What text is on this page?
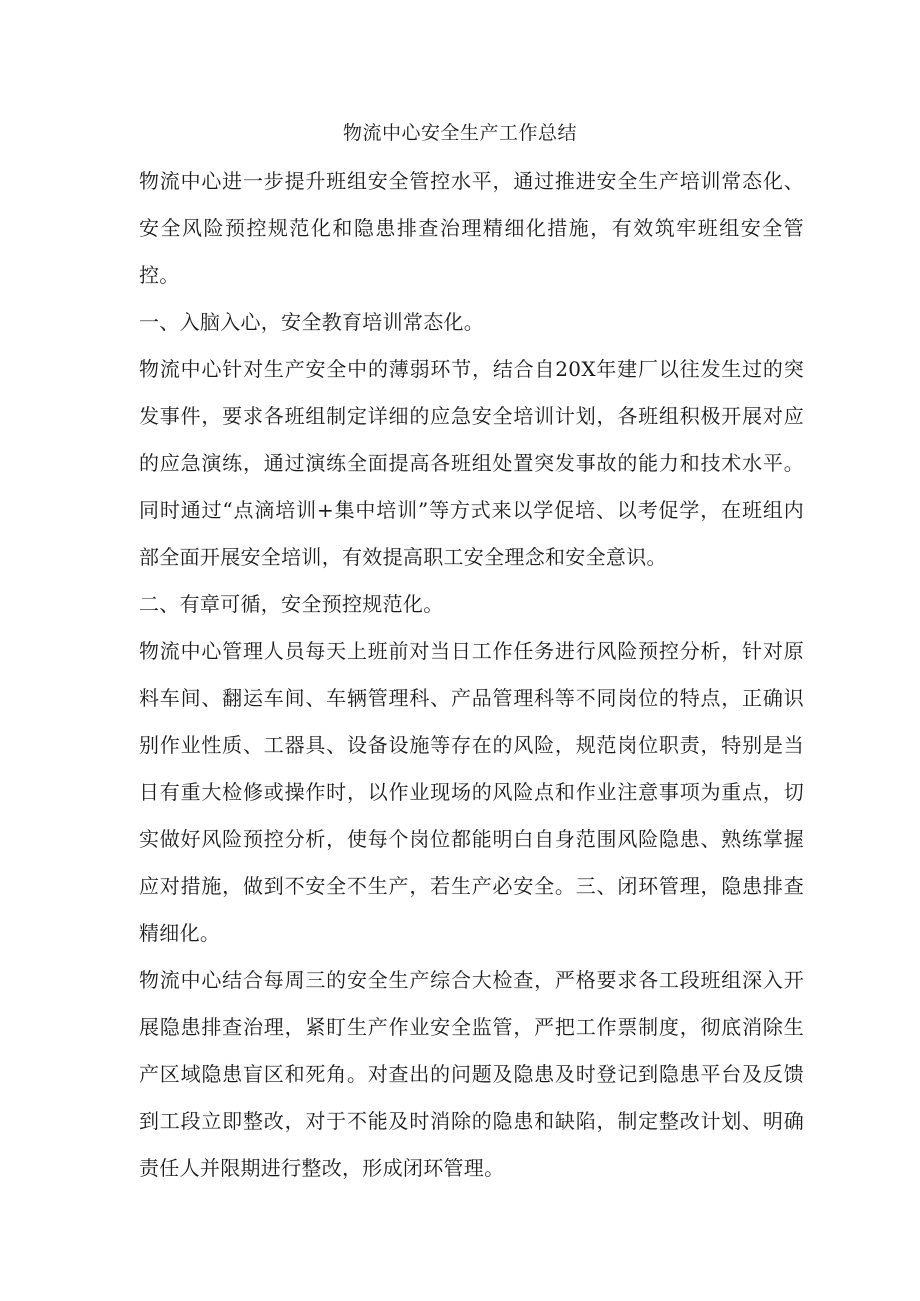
物流中心安全生产工作总结

物流中心进一步提升班组安全管控水平，通过推进安全生产培训常态化、安全风险预控规范化和隐患排查治理精细化措施，有效筑牢班组安全管控。

一、入脑入心，安全教育培训常态化。

物流中心针对生产安全中的薄弱环节，结合自20X年建厂以往发生过的突发事件，要求各班组制定详细的应急安全培训计划，各班组积极开展对应的应急演练，通过演练全面提高各班组处置突发事故的能力和技术水平。同时通过“点滴培训+集中培训”等方式来以学促培、以考促学，在班组内部全面开展安全培训，有效提高职工安全理念和安全意识。

二、有章可循，安全预控规范化。

物流中心管理人员每天上班前对当日工作任务进行风险预控分析，针对原料车间、翻运车间、车辆管理科、产品管理科等不同岗位的特点，正确识别作业性质、工器具、设备设施等存在的风险，规范岗位职责，特别是当日有重大检修或操作时，以作业现场的风险点和作业注意事项为重点，切实做好风险预控分析，使每个岗位都能明白自身范围风险隐患、熟练掌握应对措施，做到不安全不生产，若生产必安全。三、闭环管理，隐患排查精细化。

物流中心结合每周三的安全生产综合大检查，严格要求各工段班组深入开展隐患排查治理，紧盯生产作业安全监管，严把工作票制度，彻底消除生产区域隐患盲区和死角。对查出的问题及隐患及时登记到隐患平台及反馈到工段立即整改，对于不能及时消除的隐患和缺陷，制定整改计划、明确责任人并限期进行整改，形成闭环管理。
